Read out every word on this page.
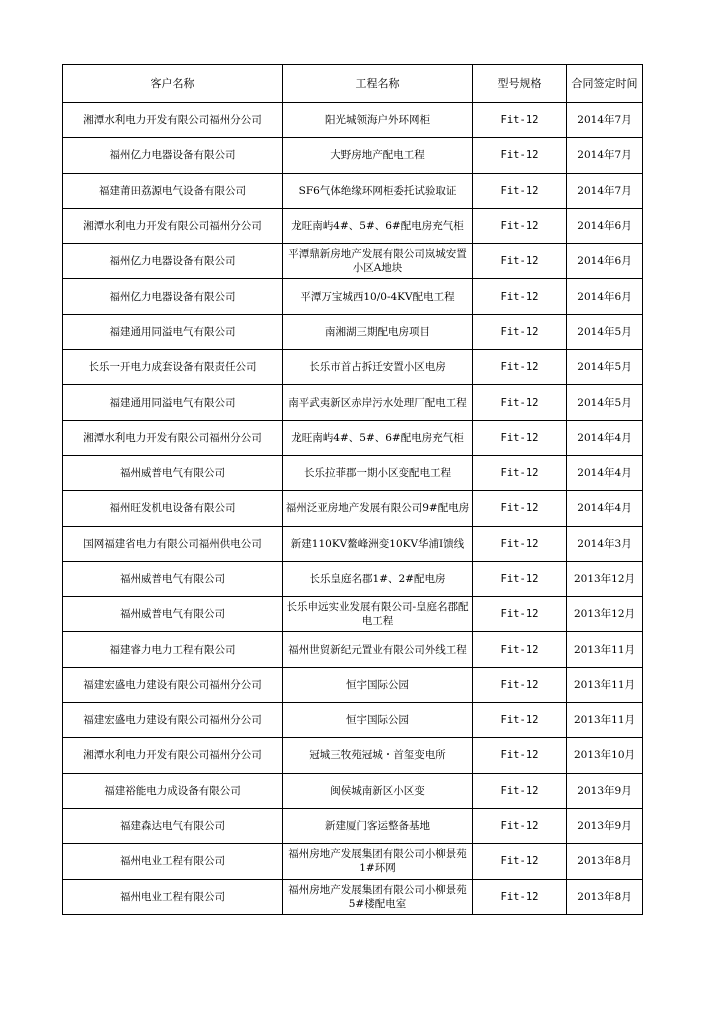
客户名称	工程名称	型号规格	合同签定时间
湘潭水利电力开发有限公司福州分公司	阳光城领海户外环网柜	Fit-12	2014年7月
福州亿力电器设备有限公司	大野房地产配电工程	Fit-12	2014年7月
福建莆田荔源电气设备有限公司	SF6气体绝缘环网柜委托试验取证	Fit-12	2014年7月
湘潭水利电力开发有限公司福州分公司	龙旺南屿4#、5#、6#配电房充气柜	Fit-12	2014年6月
福州亿力电器设备有限公司	平潭鼎新房地产发展有限公司岚城安置小区A地块	Fit-12	2014年6月
福州亿力电器设备有限公司	平潭万宝城西10/0-4KV配电工程	Fit-12	2014年6月
福建通用同溢电气有限公司	南湘湖三期配电房项目	Fit-12	2014年5月
长乐一开电力成套设备有限责任公司	长乐市首占拆迁安置小区电房	Fit-12	2014年5月
福建通用同溢电气有限公司	南平武夷新区赤岸污水处理厂配电工程	Fit-12	2014年5月
湘潭水利电力开发有限公司福州分公司	龙旺南屿4#、5#、6#配电房充气柜	Fit-12	2014年4月
福州威普电气有限公司	长乐拉菲郡一期小区变配电工程	Fit-12	2014年4月
福州旺发机电设备有限公司	福州泛亚房地产发展有限公司9#配电房	Fit-12	2014年4月
国网福建省电力有限公司福州供电公司	新建110KV鳌峰洲变10KV华浦I馈线	Fit-12	2014年3月
福州威普电气有限公司	长乐皇庭名郡1#、2#配电房	Fit-12	2013年12月
福州威普电气有限公司	长乐申远实业发展有限公司-皇庭名郡配电工程	Fit-12	2013年12月
福建睿力电力工程有限公司	福州世贸新纪元置业有限公司外线工程	Fit-12	2013年11月
福建宏盛电力建设有限公司福州分公司	恒宇国际公园	Fit-12	2013年11月
福建宏盛电力建设有限公司福州分公司	恒宇国际公园	Fit-12	2013年11月
湘潭水利电力开发有限公司福州分公司	冠城三牧苑冠城・首玺变电所	Fit-12	2013年10月
福建裕能电力成设备有限公司	闽侯城南新区小区变	Fit-12	2013年9月
福建森达电气有限公司	新建厦门客运整备基地	Fit-12	2013年9月
福州电业工程有限公司	福州房地产发展集团有限公司小柳景苑1#环网	Fit-12	2013年8月
福州电业工程有限公司	福州房地产发展集团有限公司小柳景苑5#楼配电室	Fit-12	2013年8月
